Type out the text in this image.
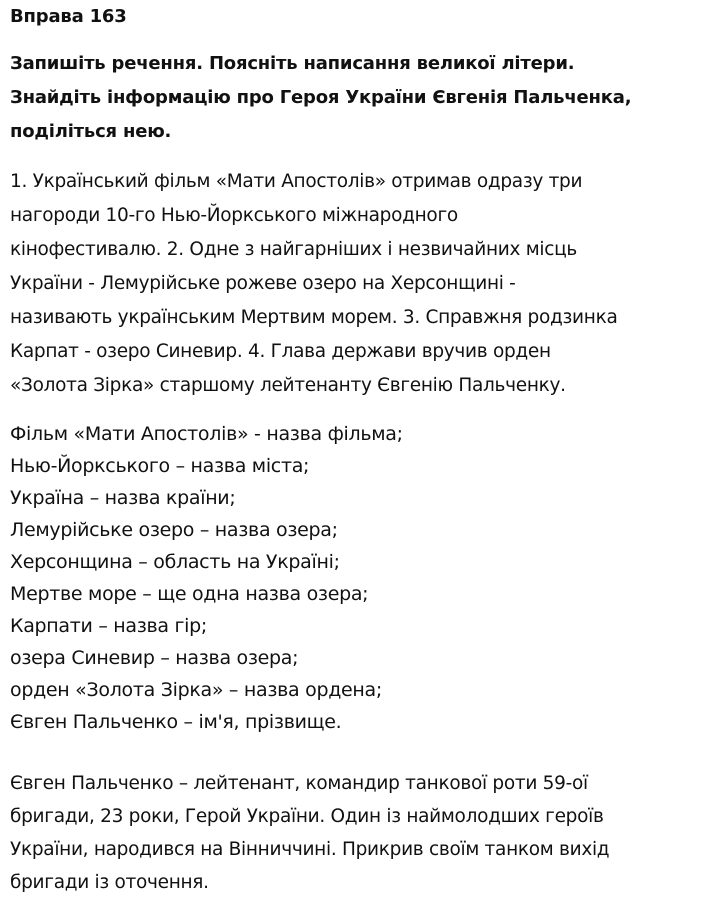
Вправа 163
Запишіть речення. Поясніть написання великої літери.
Знайдіть інформацію про Героя України Євгенія Пальченка,
поділіться нею.
1. Український фільм «Мати Апостолів» отримав одразу три
нагороди 10-го Нью-Йоркського міжнародного
кінофестивалю. 2. Одне з найгарніших і незвичайних місць
України - Лемурійське рожеве озеро на Херсонщині -
називають українським Мертвим морем. 3. Справжня родзинка
Карпат - озеро Синевир. 4. Глава держави вручив орден
«Золота Зірка» старшому лейтенанту Євгенію Пальченку.
Фільм «Мати Апостолів» - назва фільма;
Нью-Йоркського – назва міста;
Україна – назва країни;
Лемурійське озеро – назва озера;
Херсонщина – область на Україні;
Мертве море – ще одна назва озера;
Карпати – назва гір;
озера Синевир – назва озера;
орден «Золота Зірка» – назва ордена;
Євген Пальченко – ім'я, прізвище.
Євген Пальченко – лейтенант, командир танкової роти 59-ої
бригади, 23 роки, Герой України. Один із наймолодших героїв
України, народився на Вінниччині. Прикрив своїм танком вихід
бригади із оточення.
